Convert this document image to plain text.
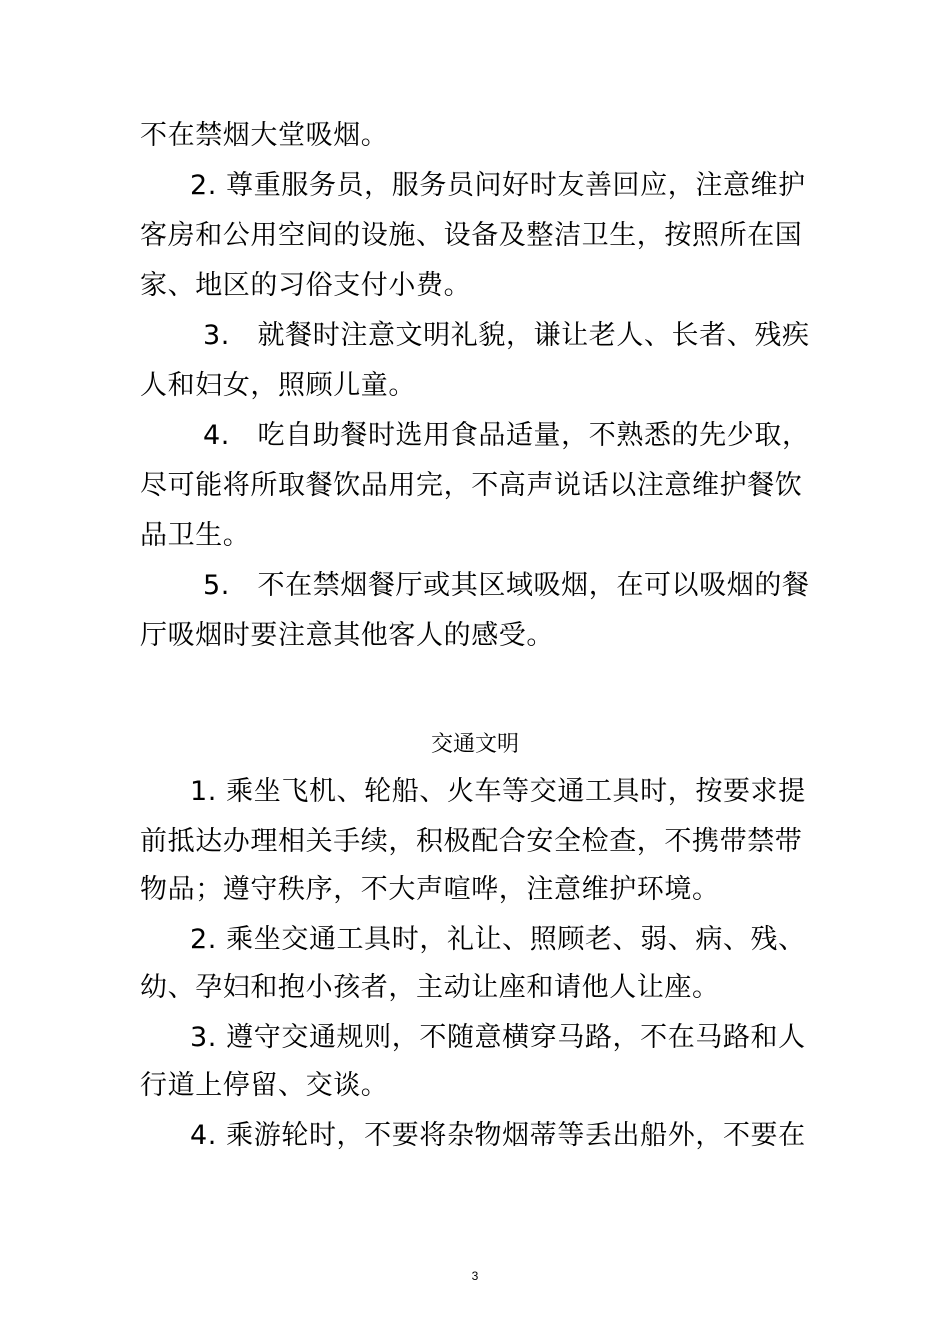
不在禁烟大堂吸烟。
2. 尊重服务员，服务员问好时友善回应，注意维护
客房和公用空间的设施、设备及整洁卫生，按照所在国
家、地区的习俗支付小费。
3.　就餐时注意文明礼貌，谦让老人、长者、残疾
人和妇女，照顾儿童。
4.　吃自助餐时选用食品适量，不熟悉的先少取，
尽可能将所取餐饮品用完，不高声说话以注意维护餐饮
品卫生。
5.　不在禁烟餐厅或其区域吸烟，在可以吸烟的餐
厅吸烟时要注意其他客人的感受。
交通文明
1. 乘坐飞机、轮船、火车等交通工具时，按要求提
前抵达办理相关手续，积极配合安全检查，不携带禁带
物品；遵守秩序，不大声喧哗，注意维护环境。
2. 乘坐交通工具时，礼让、照顾老、弱、病、残、
幼、孕妇和抱小孩者，主动让座和请他人让座。
3. 遵守交通规则，不随意横穿马路，不在马路和人
行道上停留、交谈。
4. 乘游轮时，不要将杂物烟蒂等丢出船外，不要在
3
